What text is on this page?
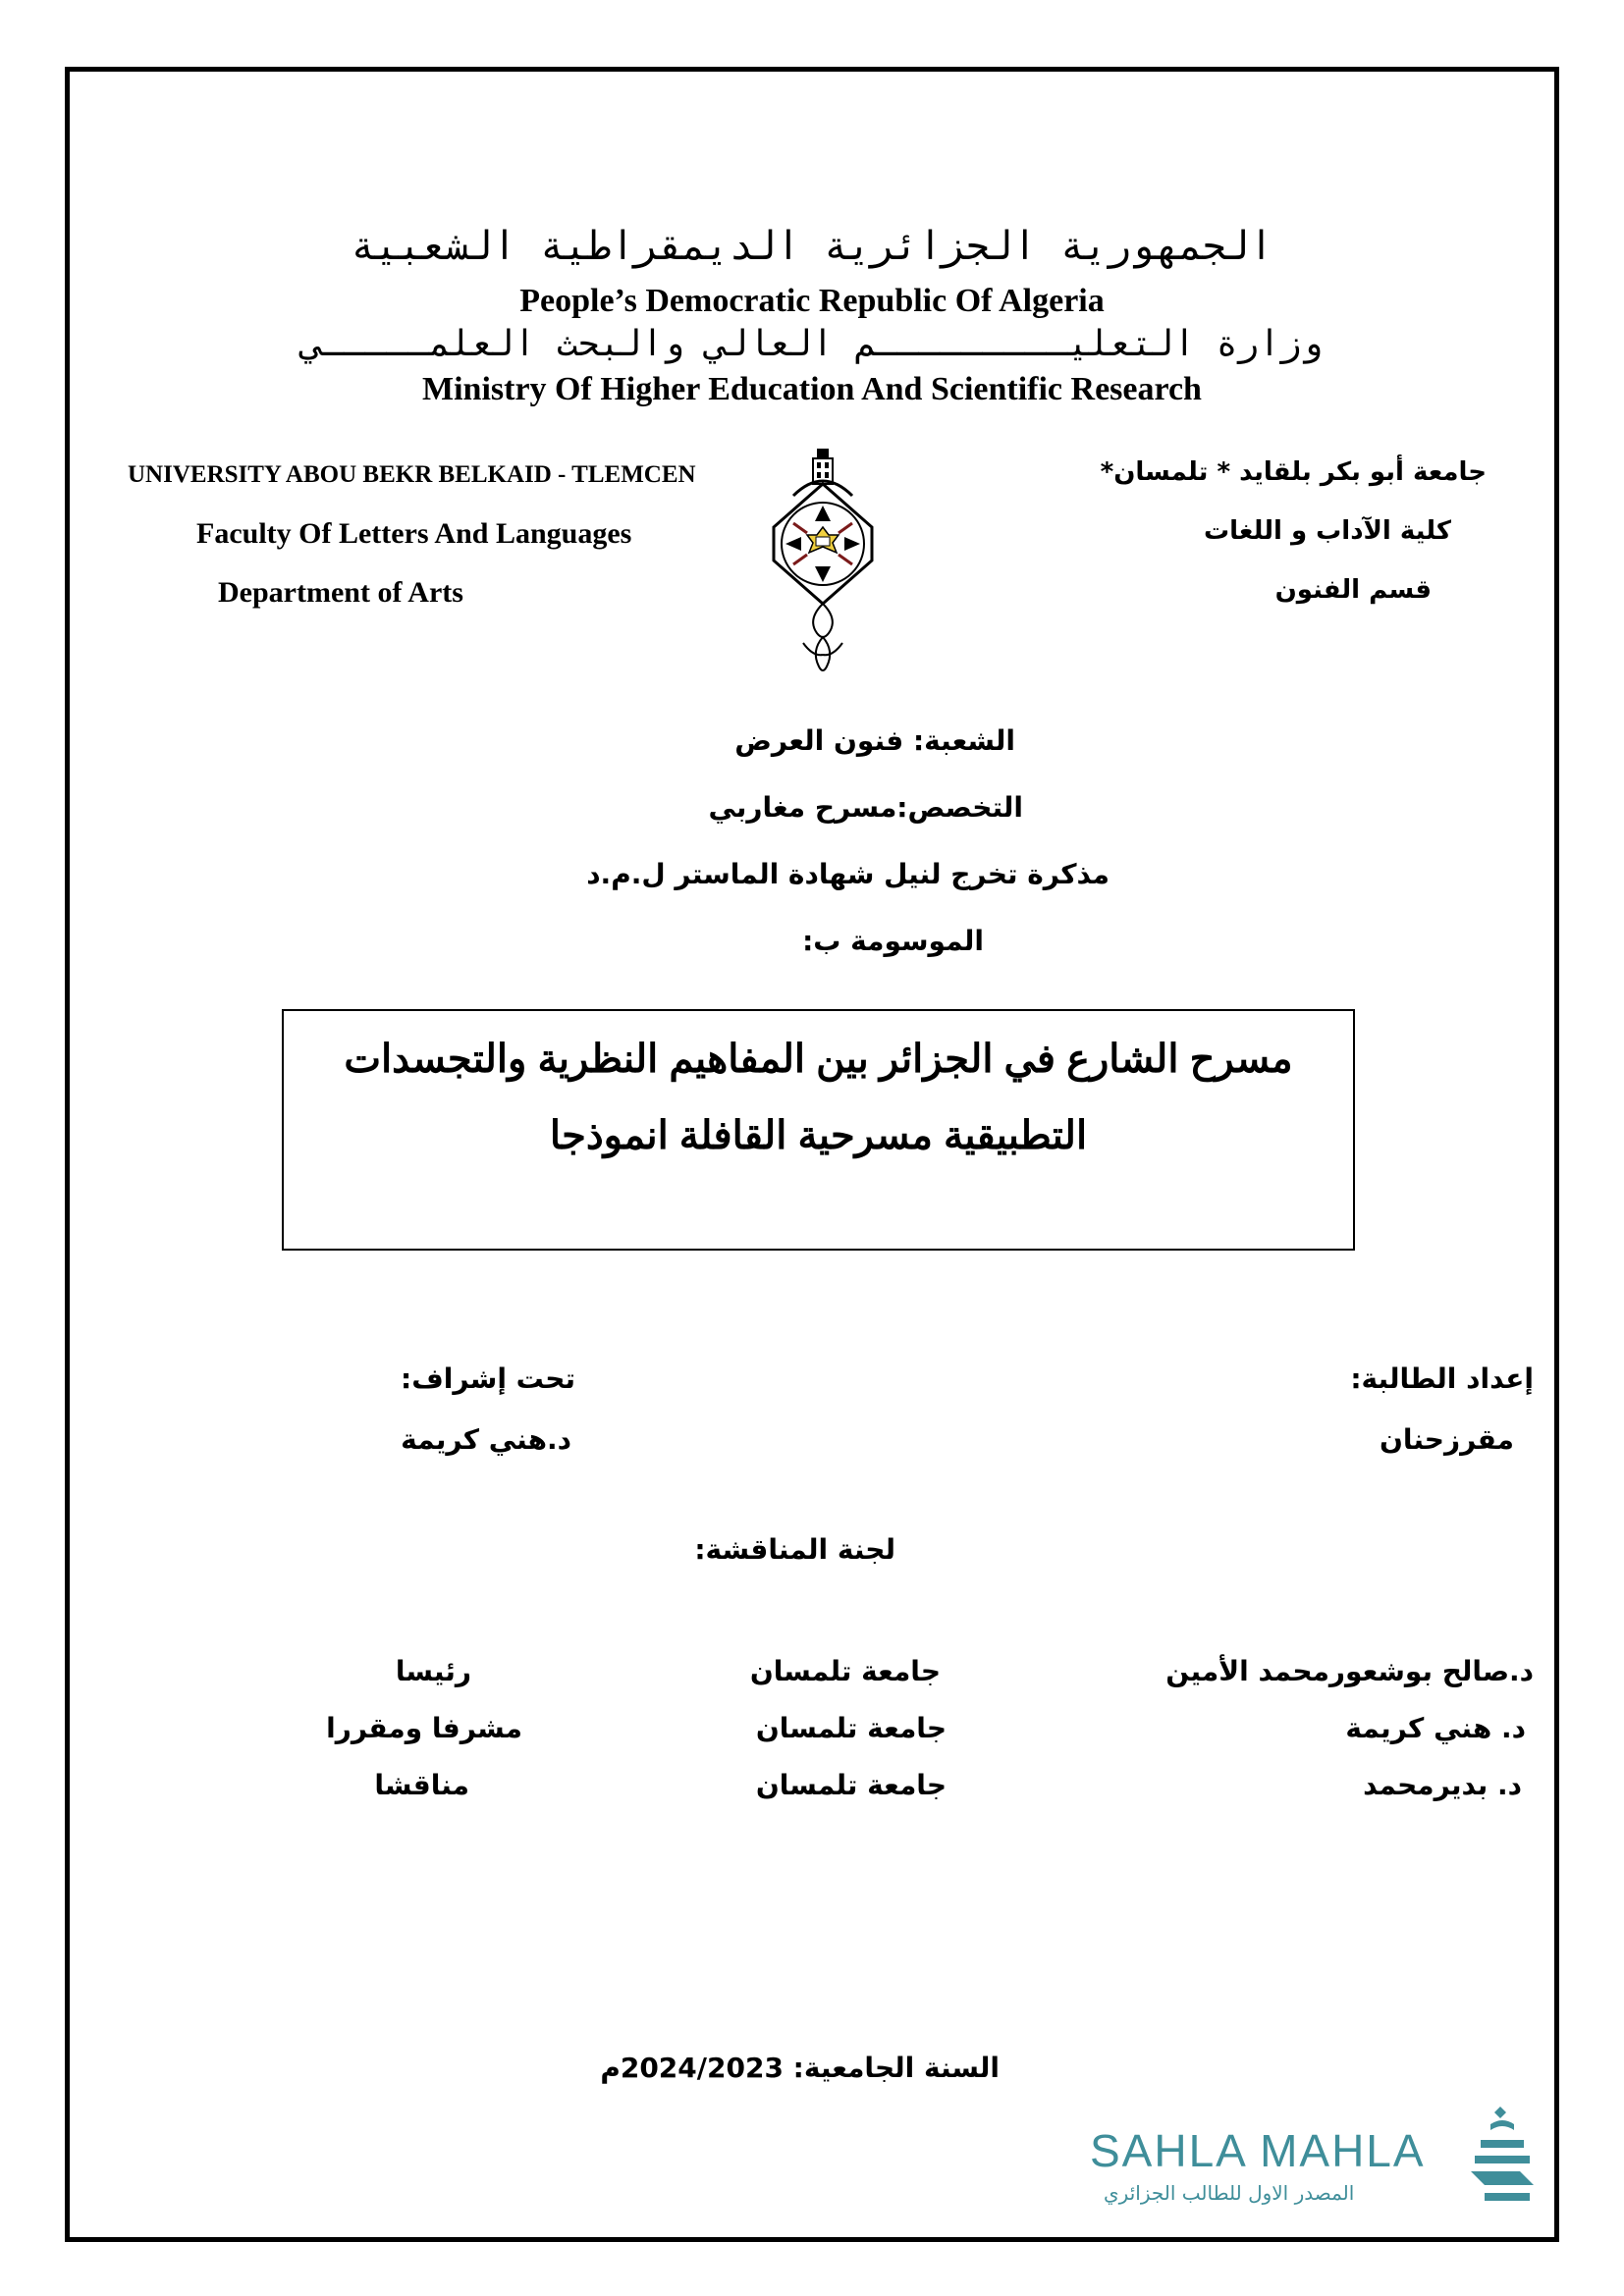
الجمهورية الجزائرية الديمقراطية الشعبية
People’s Democratic Republic Of Algeria
وزارة التعليـــــــــم العالي والبحث العلمـــــي
Ministry Of Higher Education And Scientific Research
UNIVERSITY ABOU BEKR BELKAID - TLEMCEN
Faculty Of Letters And Languages
Department of Arts
جامعة أبو بكر بلقايد * تلمسان*
كلية الآداب و اللغات
قسم الفنون
الشعبة: فنون العرض
التخصص:مسرح مغاربي
مذكرة تخرج لنيل شهادة الماستر ل.م.د
الموسومة ب:
مسرح الشارع في الجزائر بين المفاهيم النظرية والتجسدات
التطبيقية مسرحية القافلة انموذجا
إعداد الطالبة:
مقرزحنان
تحت إشراف:
د.هني كريمة
لجنة المناقشة:
د.صالح بوشعورمحمد الأمين
جامعة تلمسان
رئيسا
د. هني كريمة
جامعة تلمسان
مشرفا ومقررا
د. بديرمحمد
جامعة تلمسان
مناقشا
السنة الجامعية: 2024/2023م
SAHLA MAHLA
المصدر الاول للطالب الجزائري
